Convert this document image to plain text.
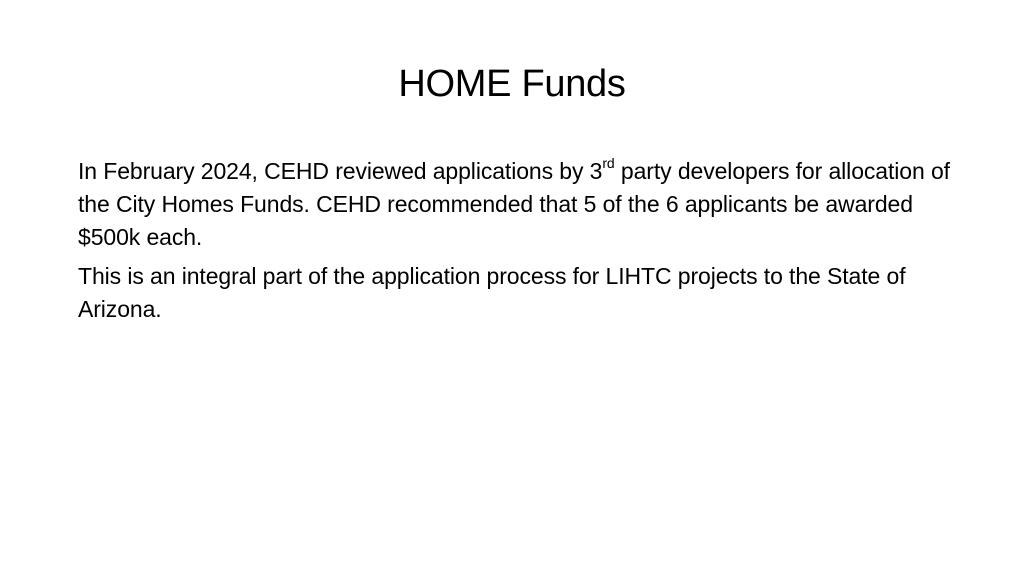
HOME Funds

In February 2024, CEHD reviewed applications by 3rd party developers for allocation of the City Homes Funds. CEHD recommended that 5 of the 6 applicants be awarded $500k each.

This is an integral part of the application process for LIHTC projects to the State of Arizona.
